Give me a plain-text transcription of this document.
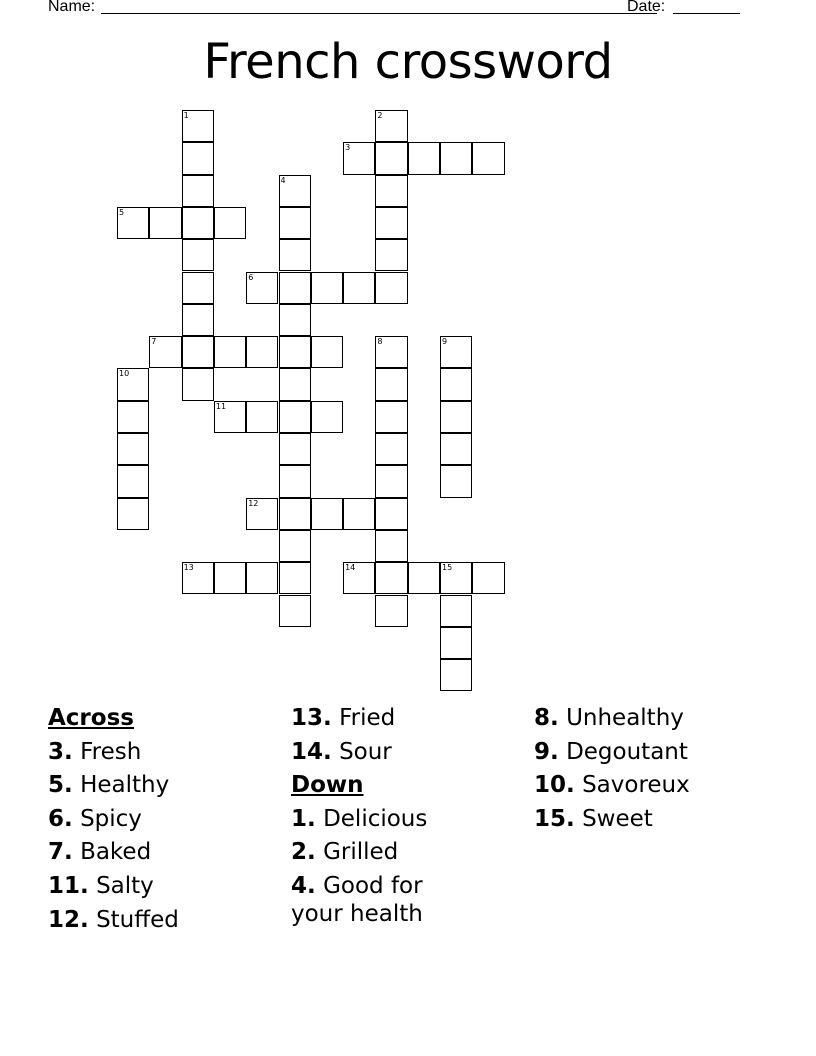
Name:	Date:
French crossword
1	2
3
4
5
6
7	8	9
10
11
12
13	14	15
Across
3. Fresh
5. Healthy
6. Spicy
7. Baked
11. Salty
12. Stuffed
13. Fried
14. Sour
Down
1. Delicious
2. Grilled
4. Good for your health
8. Unhealthy
9. Degoutant
10. Savoreux
15. Sweet
